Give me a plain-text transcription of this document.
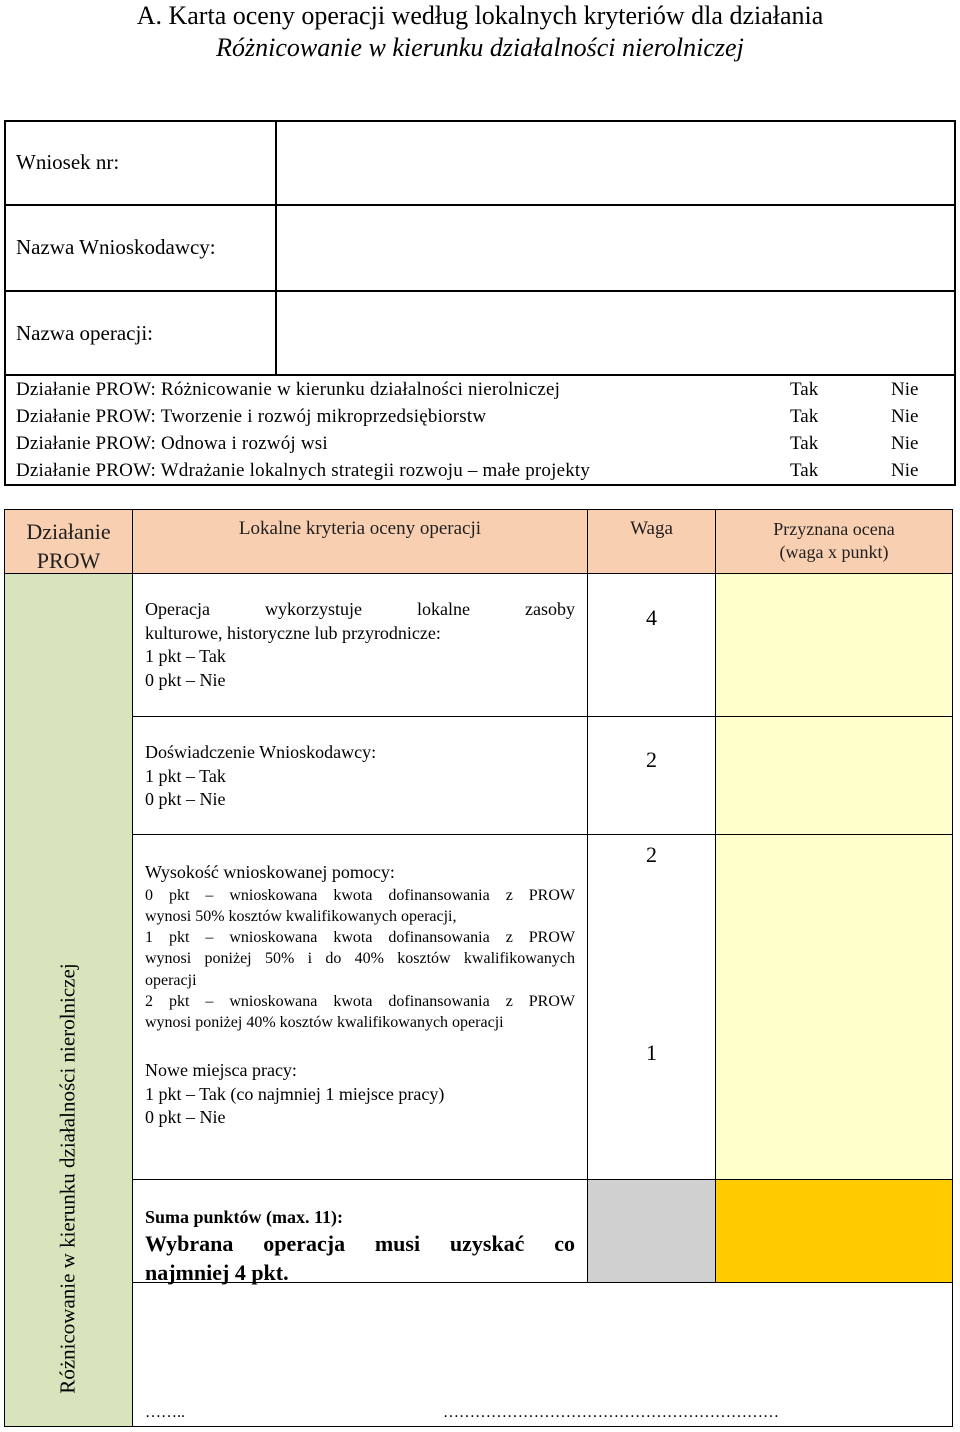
A. Karta oceny operacji według lokalnych kryteriów dla działania
Różnicowanie w kierunku działalności nierolniczej
Wniosek nr:
Nazwa Wnioskodawcy:
Nazwa operacji:
Działanie PROW: Różnicowanie w kierunku działalności nierolniczej	Tak	Nie
Działanie PROW: Tworzenie i rozwój mikroprzedsiębiorstw	Tak	Nie
Działanie PROW: Odnowa i rozwój wsi	Tak	Nie
Działanie PROW: Wdrażanie lokalnych strategii rozwoju – małe projekty	Tak	Nie
Działanie
PROW
Lokalne kryteria oceny operacji	Waga	Przyznana ocena
(waga x punkt)
Różnicowanie w kierunku działalności nierolniczej
Operacja wykorzystuje lokalne zasoby
kulturowe, historyczne lub przyrodnicze:
1 pkt – Tak
0 pkt – Nie
4
Doświadczenie Wnioskodawcy:
1 pkt – Tak
0 pkt – Nie
2
Wysokość wnioskowanej pomocy:
0 pkt – wnioskowana kwota dofinansowania z PROW
wynosi 50% kosztów kwalifikowanych operacji,
1 pkt – wnioskowana kwota dofinansowania z PROW
wynosi poniżej 50% i do 40% kosztów kwalifikowanych
operacji
2 pkt – wnioskowana kwota dofinansowania z PROW
wynosi poniżej 40% kosztów kwalifikowanych operacji
2
Nowe miejsca pracy:
1 pkt – Tak (co najmniej 1 miejsce pracy)
0 pkt – Nie
1
Suma punktów (max. 11):
Wybrana operacja musi uzyskać co
najmniej 4 pkt.
……..	………………………………………………………
